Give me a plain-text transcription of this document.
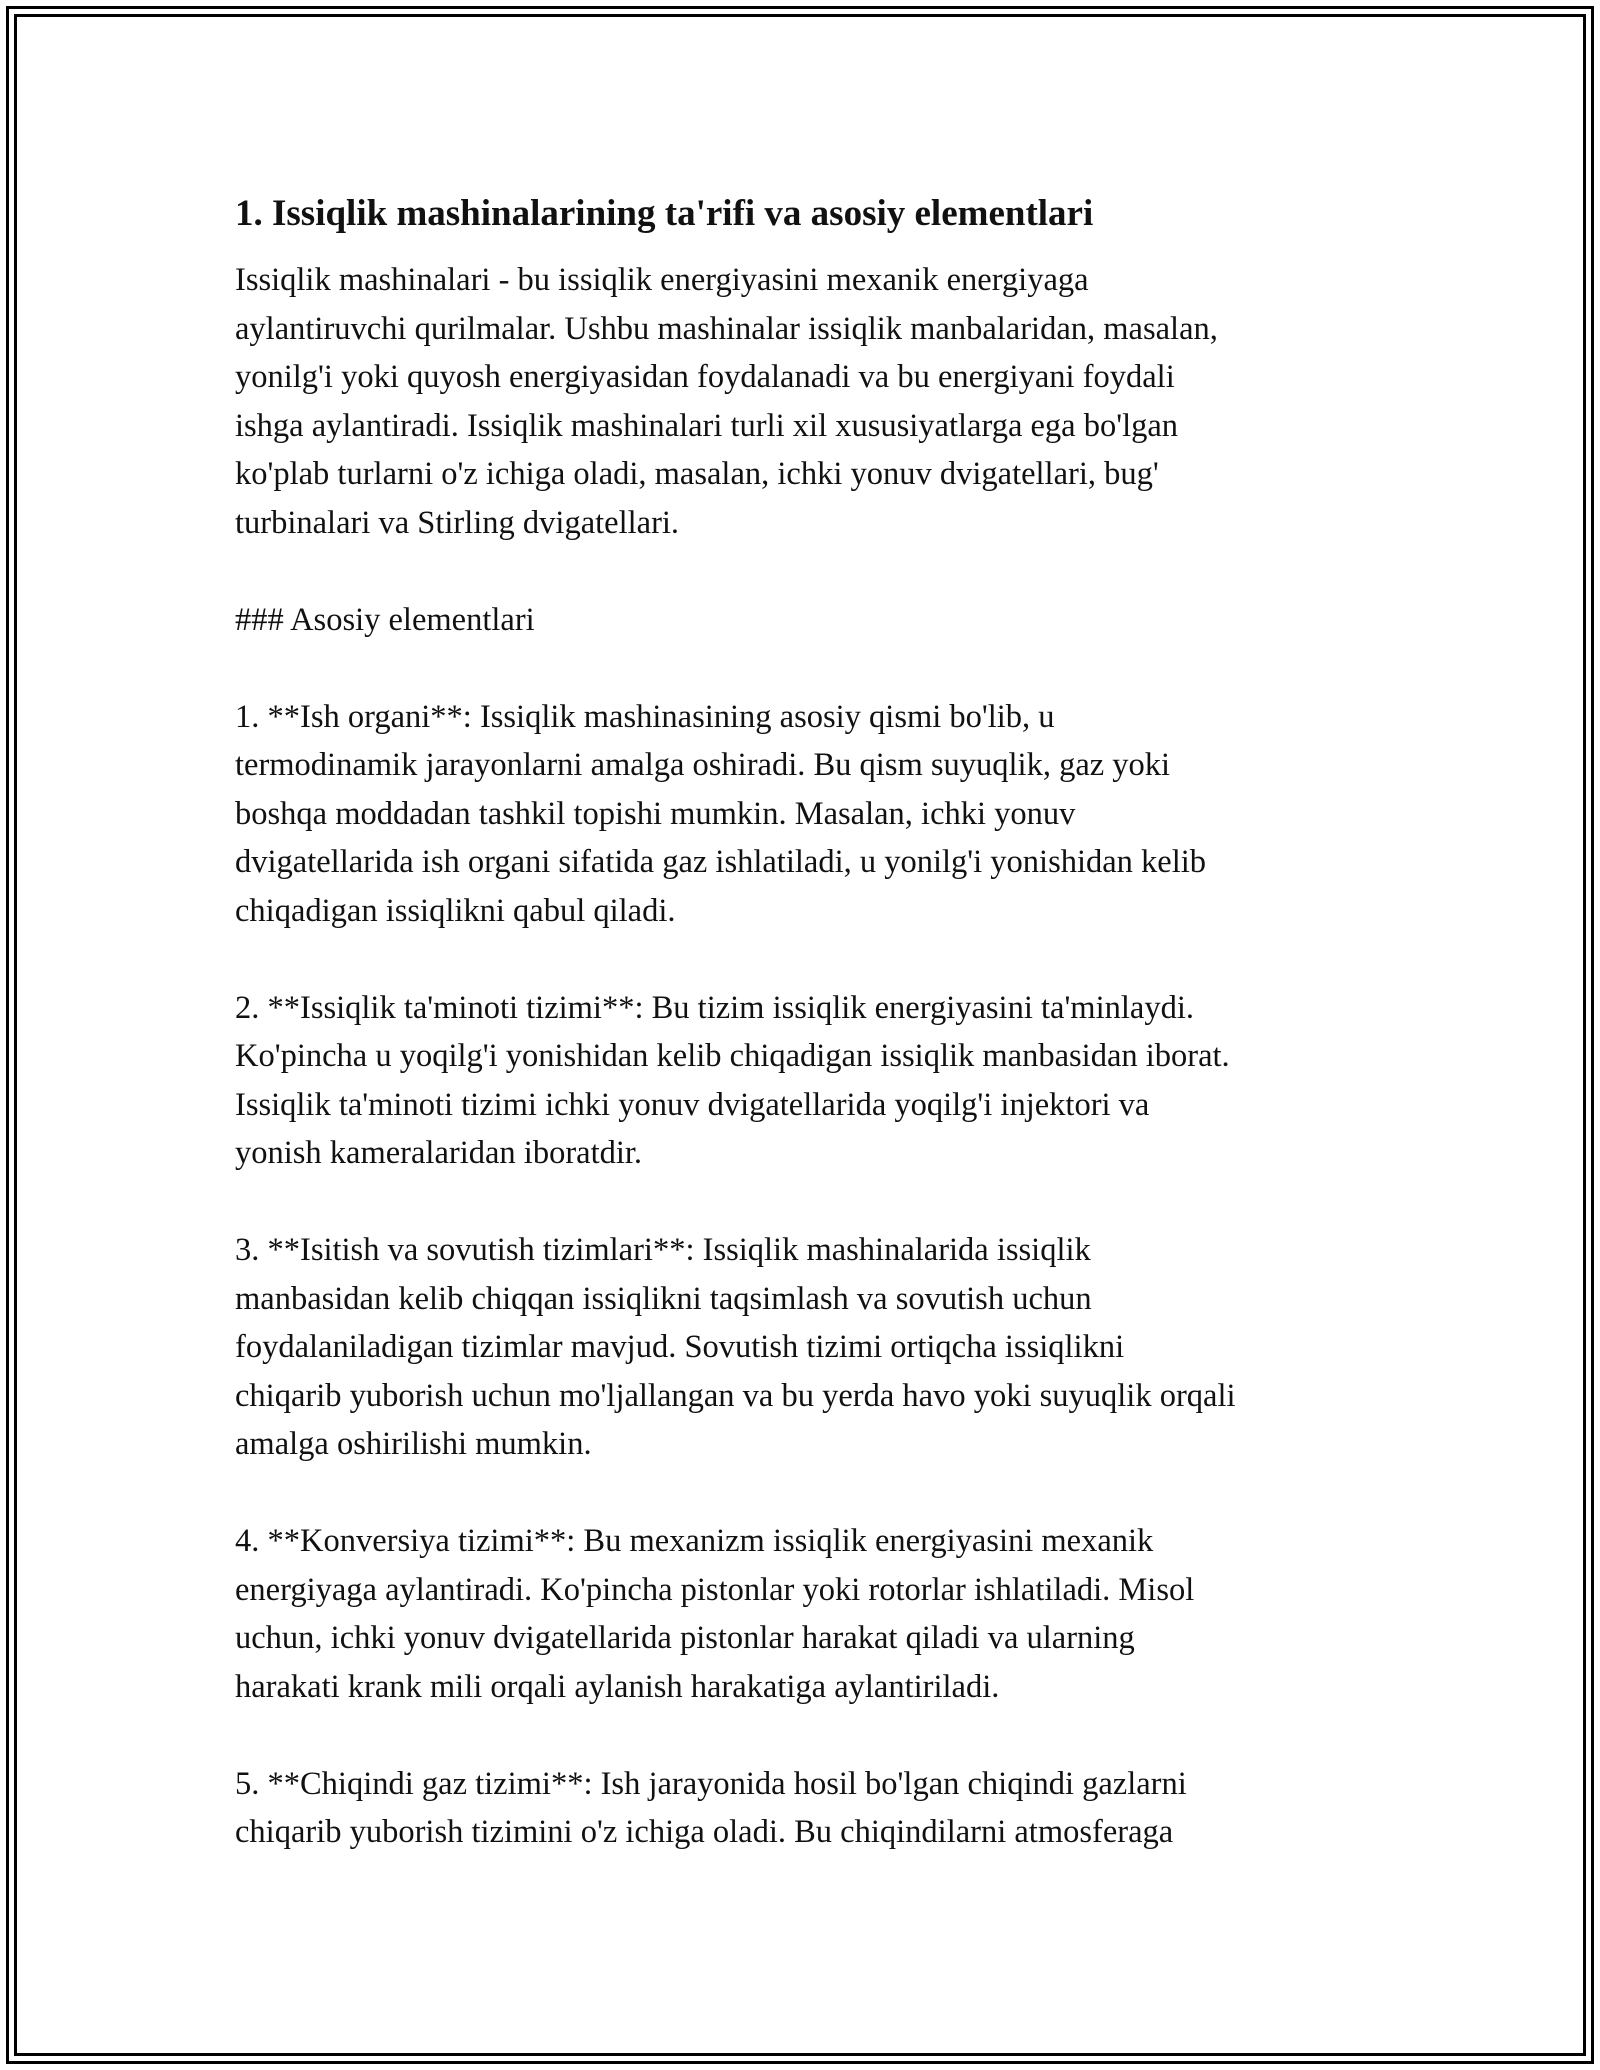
1. Issiqlik mashinalarining ta'rifi va asosiy elementlari

Issiqlik mashinalari - bu issiqlik energiyasini mexanik energiyaga
aylantiruvchi qurilmalar. Ushbu mashinalar issiqlik manbalaridan, masalan,
yonilg'i yoki quyosh energiyasidan foydalanadi va bu energiyani foydali
ishga aylantiradi. Issiqlik mashinalari turli xil xususiyatlarga ega bo'lgan
ko'plab turlarni o'z ichiga oladi, masalan, ichki yonuv dvigatellari, bug'
turbinalari va Stirling dvigatellari.

### Asosiy elementlari

1. **Ish organi**: Issiqlik mashinasining asosiy qismi bo'lib, u
termodinamik jarayonlarni amalga oshiradi. Bu qism suyuqlik, gaz yoki
boshqa moddadan tashkil topishi mumkin. Masalan, ichki yonuv
dvigatellarida ish organi sifatida gaz ishlatiladi, u yonilg'i yonishidan kelib
chiqadigan issiqlikni qabul qiladi.

2. **Issiqlik ta'minoti tizimi**: Bu tizim issiqlik energiyasini ta'minlaydi.
Ko'pincha u yoqilg'i yonishidan kelib chiqadigan issiqlik manbasidan iborat.
Issiqlik ta'minoti tizimi ichki yonuv dvigatellarida yoqilg'i injektori va
yonish kameralaridan iboratdir.

3. **Isitish va sovutish tizimlari**: Issiqlik mashinalarida issiqlik
manbasidan kelib chiqqan issiqlikni taqsimlash va sovutish uchun
foydalaniladigan tizimlar mavjud. Sovutish tizimi ortiqcha issiqlikni
chiqarib yuborish uchun mo'ljallangan va bu yerda havo yoki suyuqlik orqali
amalga oshirilishi mumkin.

4. **Konversiya tizimi**: Bu mexanizm issiqlik energiyasini mexanik
energiyaga aylantiradi. Ko'pincha pistonlar yoki rotorlar ishlatiladi. Misol
uchun, ichki yonuv dvigatellarida pistonlar harakat qiladi va ularning
harakati krank mili orqali aylanish harakatiga aylantiriladi.

5. **Chiqindi gaz tizimi**: Ish jarayonida hosil bo'lgan chiqindi gazlarni
chiqarib yuborish tizimini o'z ichiga oladi. Bu chiqindilarni atmosferaga
